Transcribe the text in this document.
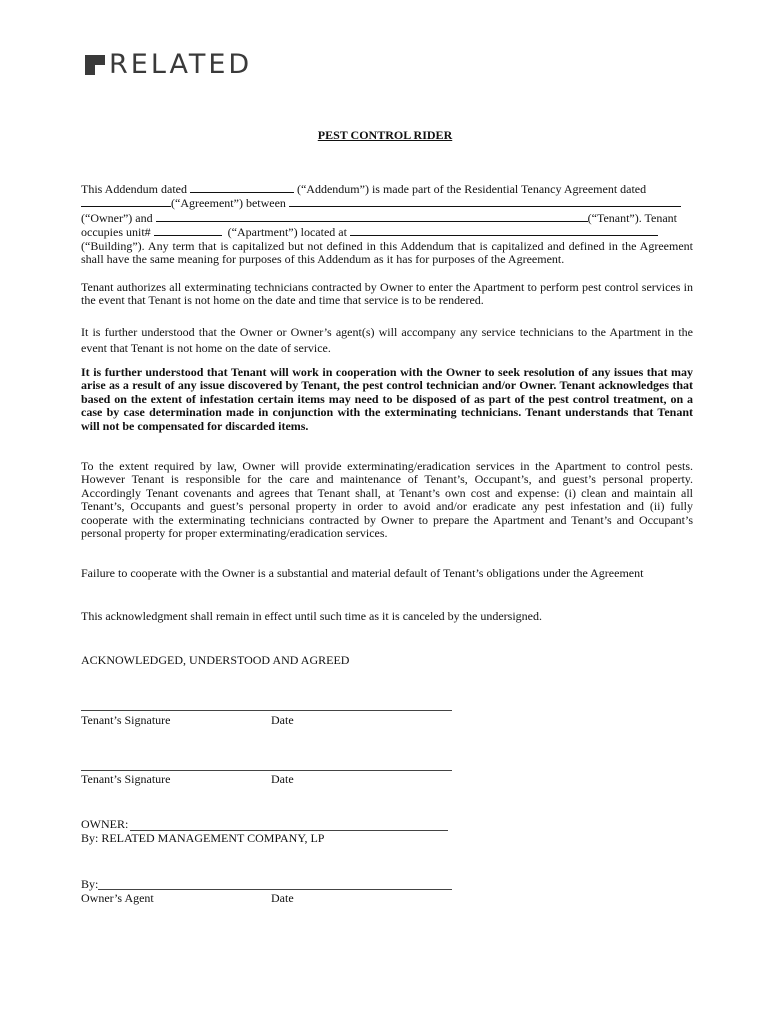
RELATED
PEST CONTROL RIDER
This Addendum dated	(“Addendum”) is made part of the Residential Tenancy Agreement dated
(“Agreement”) between
(“Owner”) and	(“Tenant”). Tenant
occupies unit#	(“Apartment”) located at
(“Building”). Any term that is capitalized but not defined in this Addendum that is capitalized and defined in the Agreement shall have the same meaning for purposes of this Addendum as it has for purposes of the Agreement.
Tenant authorizes all exterminating technicians contracted by Owner to enter the Apartment to perform pest control services in the event that Tenant is not home on the date and time that service is to be rendered.
It is further understood that the Owner or Owner’s agent(s) will accompany any service technicians to the Apartment in the event that Tenant is not home on the date of service.
It is further understood that Tenant will work in cooperation with the Owner to seek resolution of any issues that may arise as a result of any issue discovered by Tenant, the pest control technician and/or Owner. Tenant acknowledges that based on the extent of infestation certain items may need to be disposed of as part of the pest control treatment, on a case by case determination made in conjunction with the exterminating technicians. Tenant understands that Tenant will not be compensated for discarded items.
To the extent required by law, Owner will provide exterminating/eradication services in the Apartment to control pests. However Tenant is responsible for the care and maintenance of Tenant’s, Occupant’s, and guest’s personal property. Accordingly Tenant covenants and agrees that Tenant shall, at Tenant’s own cost and expense: (i) clean and maintain all Tenant’s, Occupants and guest’s personal property in order to avoid and/or eradicate any pest infestation and (ii) fully cooperate with the exterminating technicians contracted by Owner to prepare the Apartment and Tenant’s and Occupant’s personal property for proper exterminating/eradication services.
Failure to cooperate with the Owner is a substantial and material default of Tenant’s obligations under the Agreement
This acknowledgment shall remain in effect until such time as it is canceled by the undersigned.
ACKNOWLEDGED, UNDERSTOOD AND AGREED
Tenant’s Signature	Date
Tenant’s Signature	Date
OWNER:
By: RELATED MANAGEMENT COMPANY, LP
By:
Owner’s Agent	Date
